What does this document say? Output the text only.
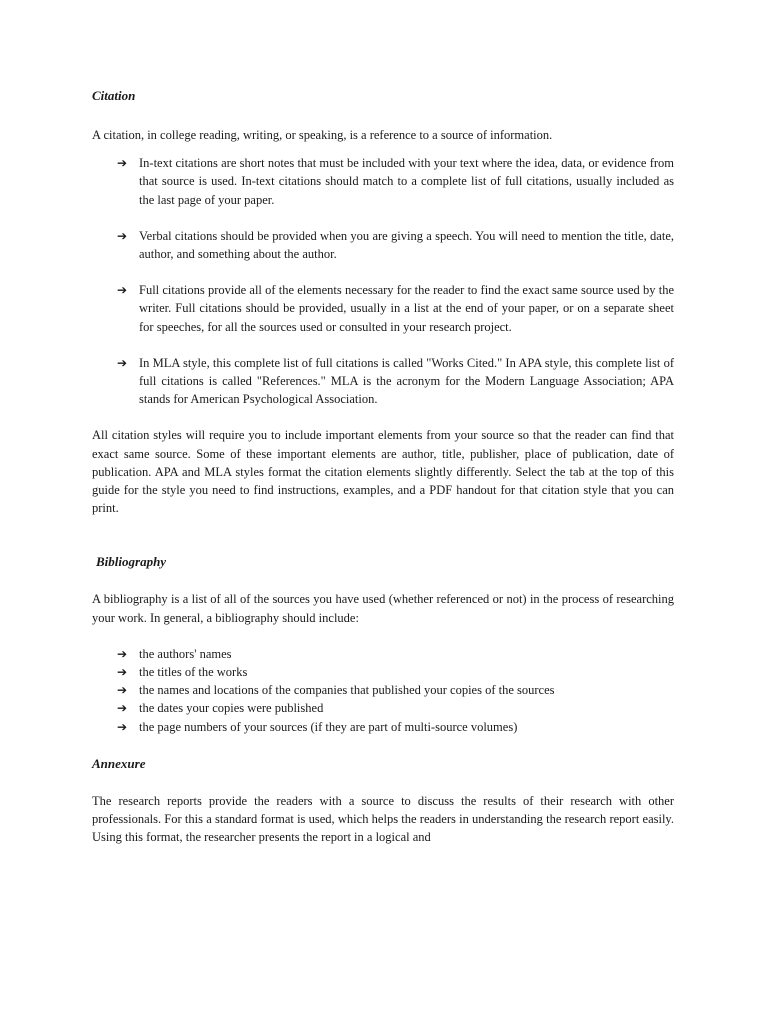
Citation

A citation, in college reading, writing, or speaking, is a reference to a source of information.

➔ In-text citations are short notes that must be included with your text where the idea, data, or evidence from that source is used. In-text citations should match to a complete list of full citations, usually included as the last page of your paper.
➔ Verbal citations should be provided when you are giving a speech. You will need to mention the title, date, author, and something about the author.
➔ Full citations provide all of the elements necessary for the reader to find the exact same source used by the writer. Full citations should be provided, usually in a list at the end of your paper, or on a separate sheet for speeches, for all the sources used or consulted in your research project.
➔ In MLA style, this complete list of full citations is called "Works Cited." In APA style, this complete list of full citations is called "References." MLA is the acronym for the Modern Language Association; APA stands for American Psychological Association.

All citation styles will require you to include important elements from your source so that the reader can find that exact same source. Some of these important elements are author, title, publisher, place of publication, date of publication. APA and MLA styles format the citation elements slightly differently. Select the tab at the top of this guide for the style you need to find instructions, examples, and a PDF handout for that citation style that you can print.

Bibliography

A bibliography is a list of all of the sources you have used (whether referenced or not) in the process of researching your work. In general, a bibliography should include:

➔ the authors' names
➔ the titles of the works
➔ the names and locations of the companies that published your copies of the sources
➔ the dates your copies were published
➔ the page numbers of your sources (if they are part of multi-source volumes)

Annexure

The research reports provide the readers with a source to discuss the results of their research with other professionals. For this a standard format is used, which helps the readers in understanding the research report easily. Using this format, the researcher presents the report in a logical and
